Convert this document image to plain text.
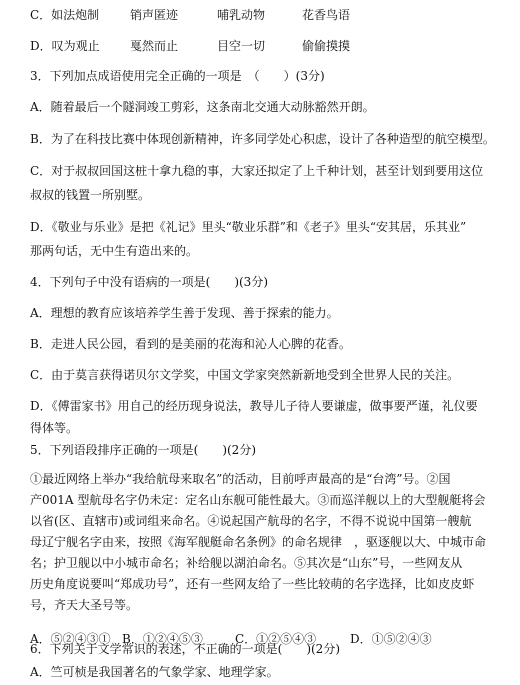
C．如法炮制	销声匿迹	哺乳动物	花香鸟语
D．叹为观止	戛然而止	目空一切	偷偷摸摸
3．下列加点成语使用完全正确的一项是　（　　）(3分)
A．随着最后一个隧洞竣工剪彩，这条南北交通大动脉豁然开朗。
B．为了在科技比赛中体现创新精神，许多同学处心积虑，设计了各种造型的航空模型。
C．对于叔叔回国这桩十拿九稳的事，大家还拟定了上千种计划，甚至计划到要用这位
叔叔的钱置一所别墅。
D．《敬业与乐业》是把《礼记》里头“敬业乐群”和《老子》里头“安其居，乐其业”
那两句话，无中生有造出来的。
4．下列句子中没有语病的一项是(　　)(3分)
A．理想的教育应该培养学生善于发现、善于探索的能力。
B．走进人民公园，看到的是美丽的花海和沁人心脾的花香。
C．由于莫言获得诺贝尔文学奖，中国文学家突然新新地受到全世界人民的关注。
D．《傅雷家书》用自己的经历现身说法，教导儿子待人要谦虚，做事要严谨，礼仪要
得体等。
5．下列语段排序正确的一项是(　　)(2分)
①最近网络上举办“我给航母来取名”的活动，目前呼声最高的是“台湾”号。②国
产001A 型航母名字仍未定：定名山东舰可能性最大。③而巡洋舰以上的大型舰艇将会
以省(区、直辖市)或词组来命名。④说起国产航母的名字，不得不说说中国第一艘航
母辽宁舰名字由来，按照《海军舰艇命名条例》的命名规律　，驱逐舰以大、中城市命
名；护卫舰以中小城市命名；补给舰以湖泊命名。⑤其次是“山东”号，一些网友从
历史角度说要叫“郑成功号”，还有一些网友给了一些比较萌的名字选择，比如皮皮虾
号，齐天大圣号等。
A．⑤②④③① B．①②④⑤③	C．①②⑤④③	D．①⑤②④③
6．下列关于文学常识的表述，不正确的一项是(　　)(2分)
A．竺可桢是我国著名的气象学家、地理学家。
